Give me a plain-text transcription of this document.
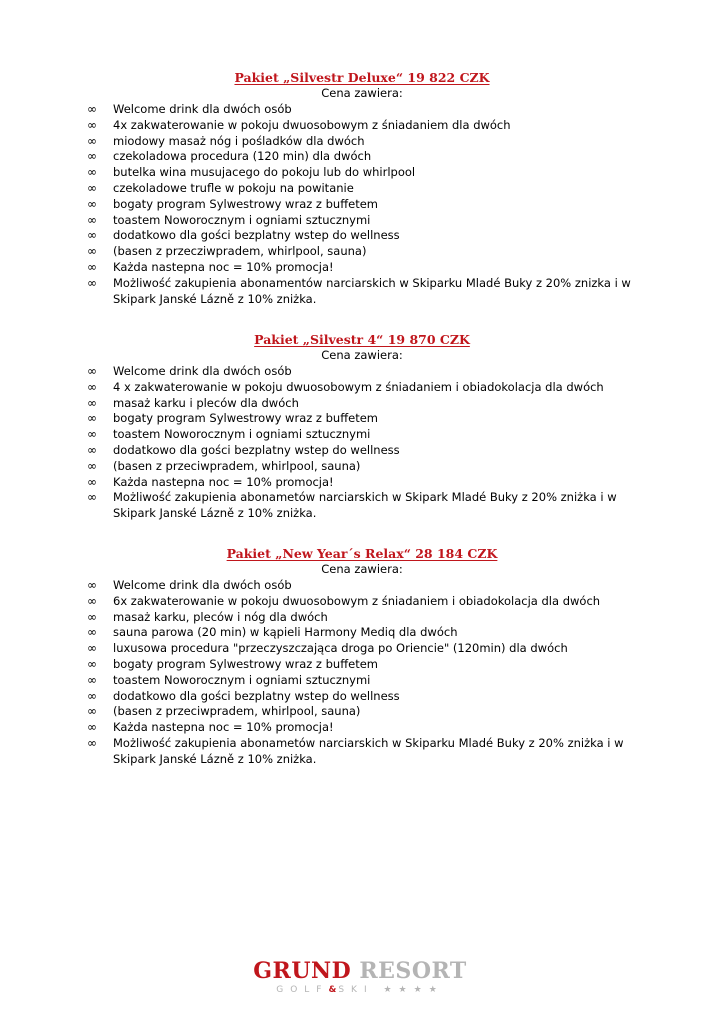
Pakiet „Silvestr Deluxe“ 19 822 CZK

Cena zawiera:

∞ Welcome drink dla dwóch osób
∞ 4x zakwaterowanie w pokoju dwuosobowym z śniadaniem dla dwóch
∞ miodowy masaż nóg i pośladków dla dwóch
∞ czekoladowa procedura (120 min) dla dwóch
∞ butelka wina musujacego do pokoju lub do whirlpool
∞ czekoladowe trufle w pokoju na powitanie
∞ bogaty program Sylwestrowy wraz z buffetem
∞ toastem Noworocznym i ogniami sztucznymi
∞ dodatkowo dla gości bezplatny wstep do wellness
∞ (basen z przecziwpradem, whirlpool, sauna)
∞ Każda nastepna noc = 10% promocja!
∞ Możliwość zakupienia abonamentów narciarskich w Skiparku Mladé Buky z 20% znizka i w Skipark Janské Lázně z 10% zniżka.

Pakiet „Silvestr 4“ 19 870 CZK

Cena zawiera:

∞ Welcome drink dla dwóch osób
∞ 4 x zakwaterowanie w pokoju dwuosobowym z śniadaniem i obiadokolacja dla dwóch
∞ masaż karku i pleców dla dwóch
∞ bogaty program Sylwestrowy wraz z buffetem
∞ toastem Noworocznym i ogniami sztucznymi
∞ dodatkowo dla gości bezplatny wstep do wellness
∞ (basen z przeciwpradem, whirlpool, sauna)
∞ Każda nastepna noc = 10% promocja!
∞ Możliwość zakupienia abonametów narciarskich w Skipark Mladé Buky z 20% zniżka i w Skipark Janské Lázně z 10% zniżka.

Pakiet „New Year´s Relax“ 28 184 CZK

Cena zawiera:

∞ Welcome drink dla dwóch osób
∞ 6x zakwaterowanie w pokoju dwuosobowym z śniadaniem i obiadokolacja dla dwóch
∞ masaż karku, pleców i nóg dla dwóch
∞ sauna parowa (20 min) w kąpieli Harmony Mediq dla dwóch
∞ luxusowa procedura "przeczyszczająca droga po Oriencie" (120min) dla dwóch
∞ bogaty program Sylwestrowy wraz z buffetem
∞ toastem Noworocznym i ogniami sztucznymi
∞ dodatkowo dla gości bezplatny wstep do wellness
∞ (basen z przeciwpradem, whirlpool, sauna)
∞ Każda nastepna noc = 10% promocja!
∞ Możliwość zakupienia abonametów narciarskich w Skiparku Mladé Buky z 20% zniżka i w Skipark Janské Lázně z 10% zniżka.
GRUND RESORT
GOLF&SKI ★★★★
